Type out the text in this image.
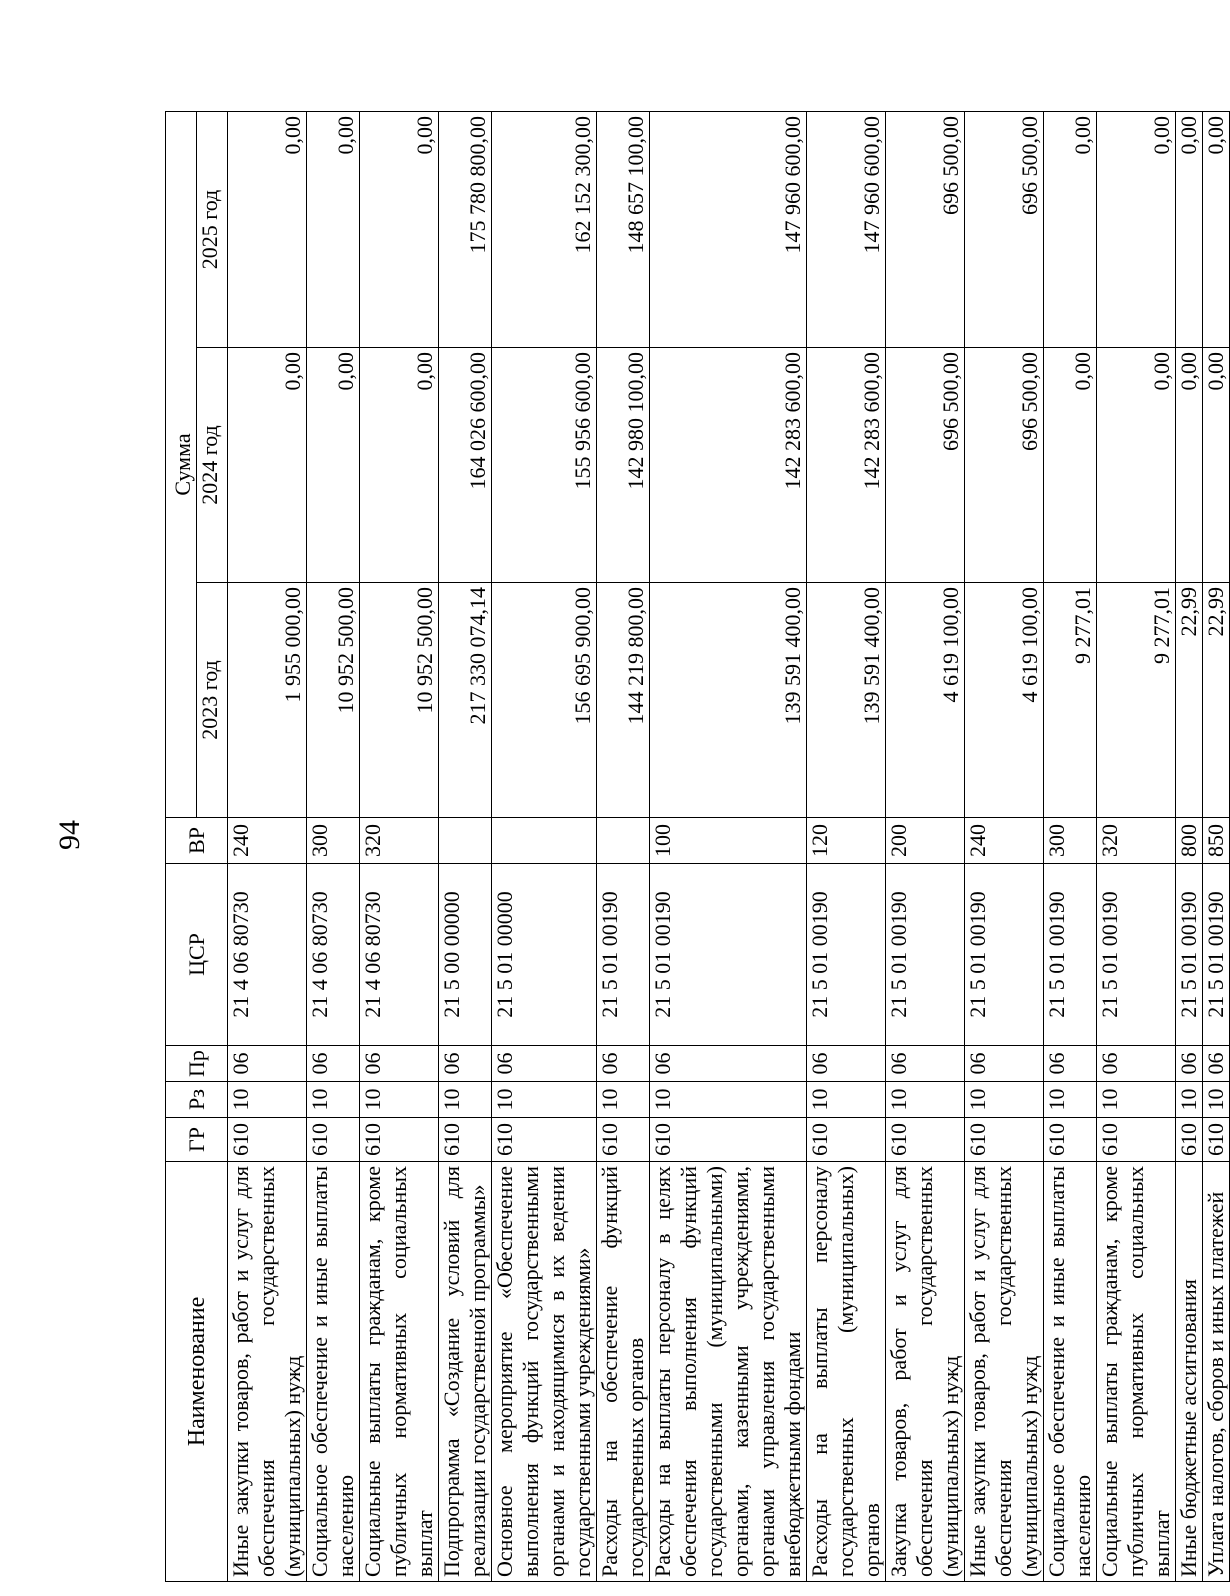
94
Наименование	ГР	Рз	Пр	ЦСР	ВР	Сумма		
						2023 год	2024 год	2025 год
Иные закупки товаров, работ и услуг для обеспечения государственных (муниципальных) нужд	610	10	06	21 4 06 80730	240	1 955 000,00	0,00	0,00
Социальное обеспечение и иные выплаты населению	610	10	06	21 4 06 80730	300	10 952 500,00	0,00	0,00
Социальные выплаты гражданам, кроме публичных нормативных социальных выплат	610	10	06	21 4 06 80730	320	10 952 500,00	0,00	0,00
Подпрограмма «Создание условий для реализации государственной программы»	610	10	06	21 5 00 00000		217 330 074,14	164 026 600,00	175 780 800,00
Основное мероприятие «Обеспечение выполнения функций государственными органами и находящимися в их ведении государственными учреждениями»	610	10	06	21 5 01 00000		156 695 900,00	155 956 600,00	162 152 300,00
Расходы на обеспечение функций государственных органов	610	10	06	21 5 01 00190		144 219 800,00	142 980 100,00	148 657 100,00
Расходы на выплаты персоналу в целях обеспечения выполнения функций государственными (муниципальными) органами, казенными учреждениями, органами управления государственными внебюджетными фондами	610	10	06	21 5 01 00190	100	139 591 400,00	142 283 600,00	147 960 600,00
Расходы на выплаты персоналу государственных (муниципальных) органов	610	10	06	21 5 01 00190	120	139 591 400,00	142 283 600,00	147 960 600,00
Закупка товаров, работ и услуг для обеспечения государственных (муниципальных) нужд	610	10	06	21 5 01 00190	200	4 619 100,00	696 500,00	696 500,00
Иные закупки товаров, работ и услуг для обеспечения государственных (муниципальных) нужд	610	10	06	21 5 01 00190	240	4 619 100,00	696 500,00	696 500,00
Социальное обеспечение и иные выплаты населению	610	10	06	21 5 01 00190	300	9 277,01	0,00	0,00
Социальные выплаты гражданам, кроме публичных нормативных социальных выплат	610	10	06	21 5 01 00190	320	9 277,01	0,00	0,00
Иные бюджетные ассигнования	610	10	06	21 5 01 00190	800	22,99	0,00	0,00
Уплата налогов, сборов и иных платежей	610	10	06	21 5 01 00190	850	22,99	0,00	0,00
